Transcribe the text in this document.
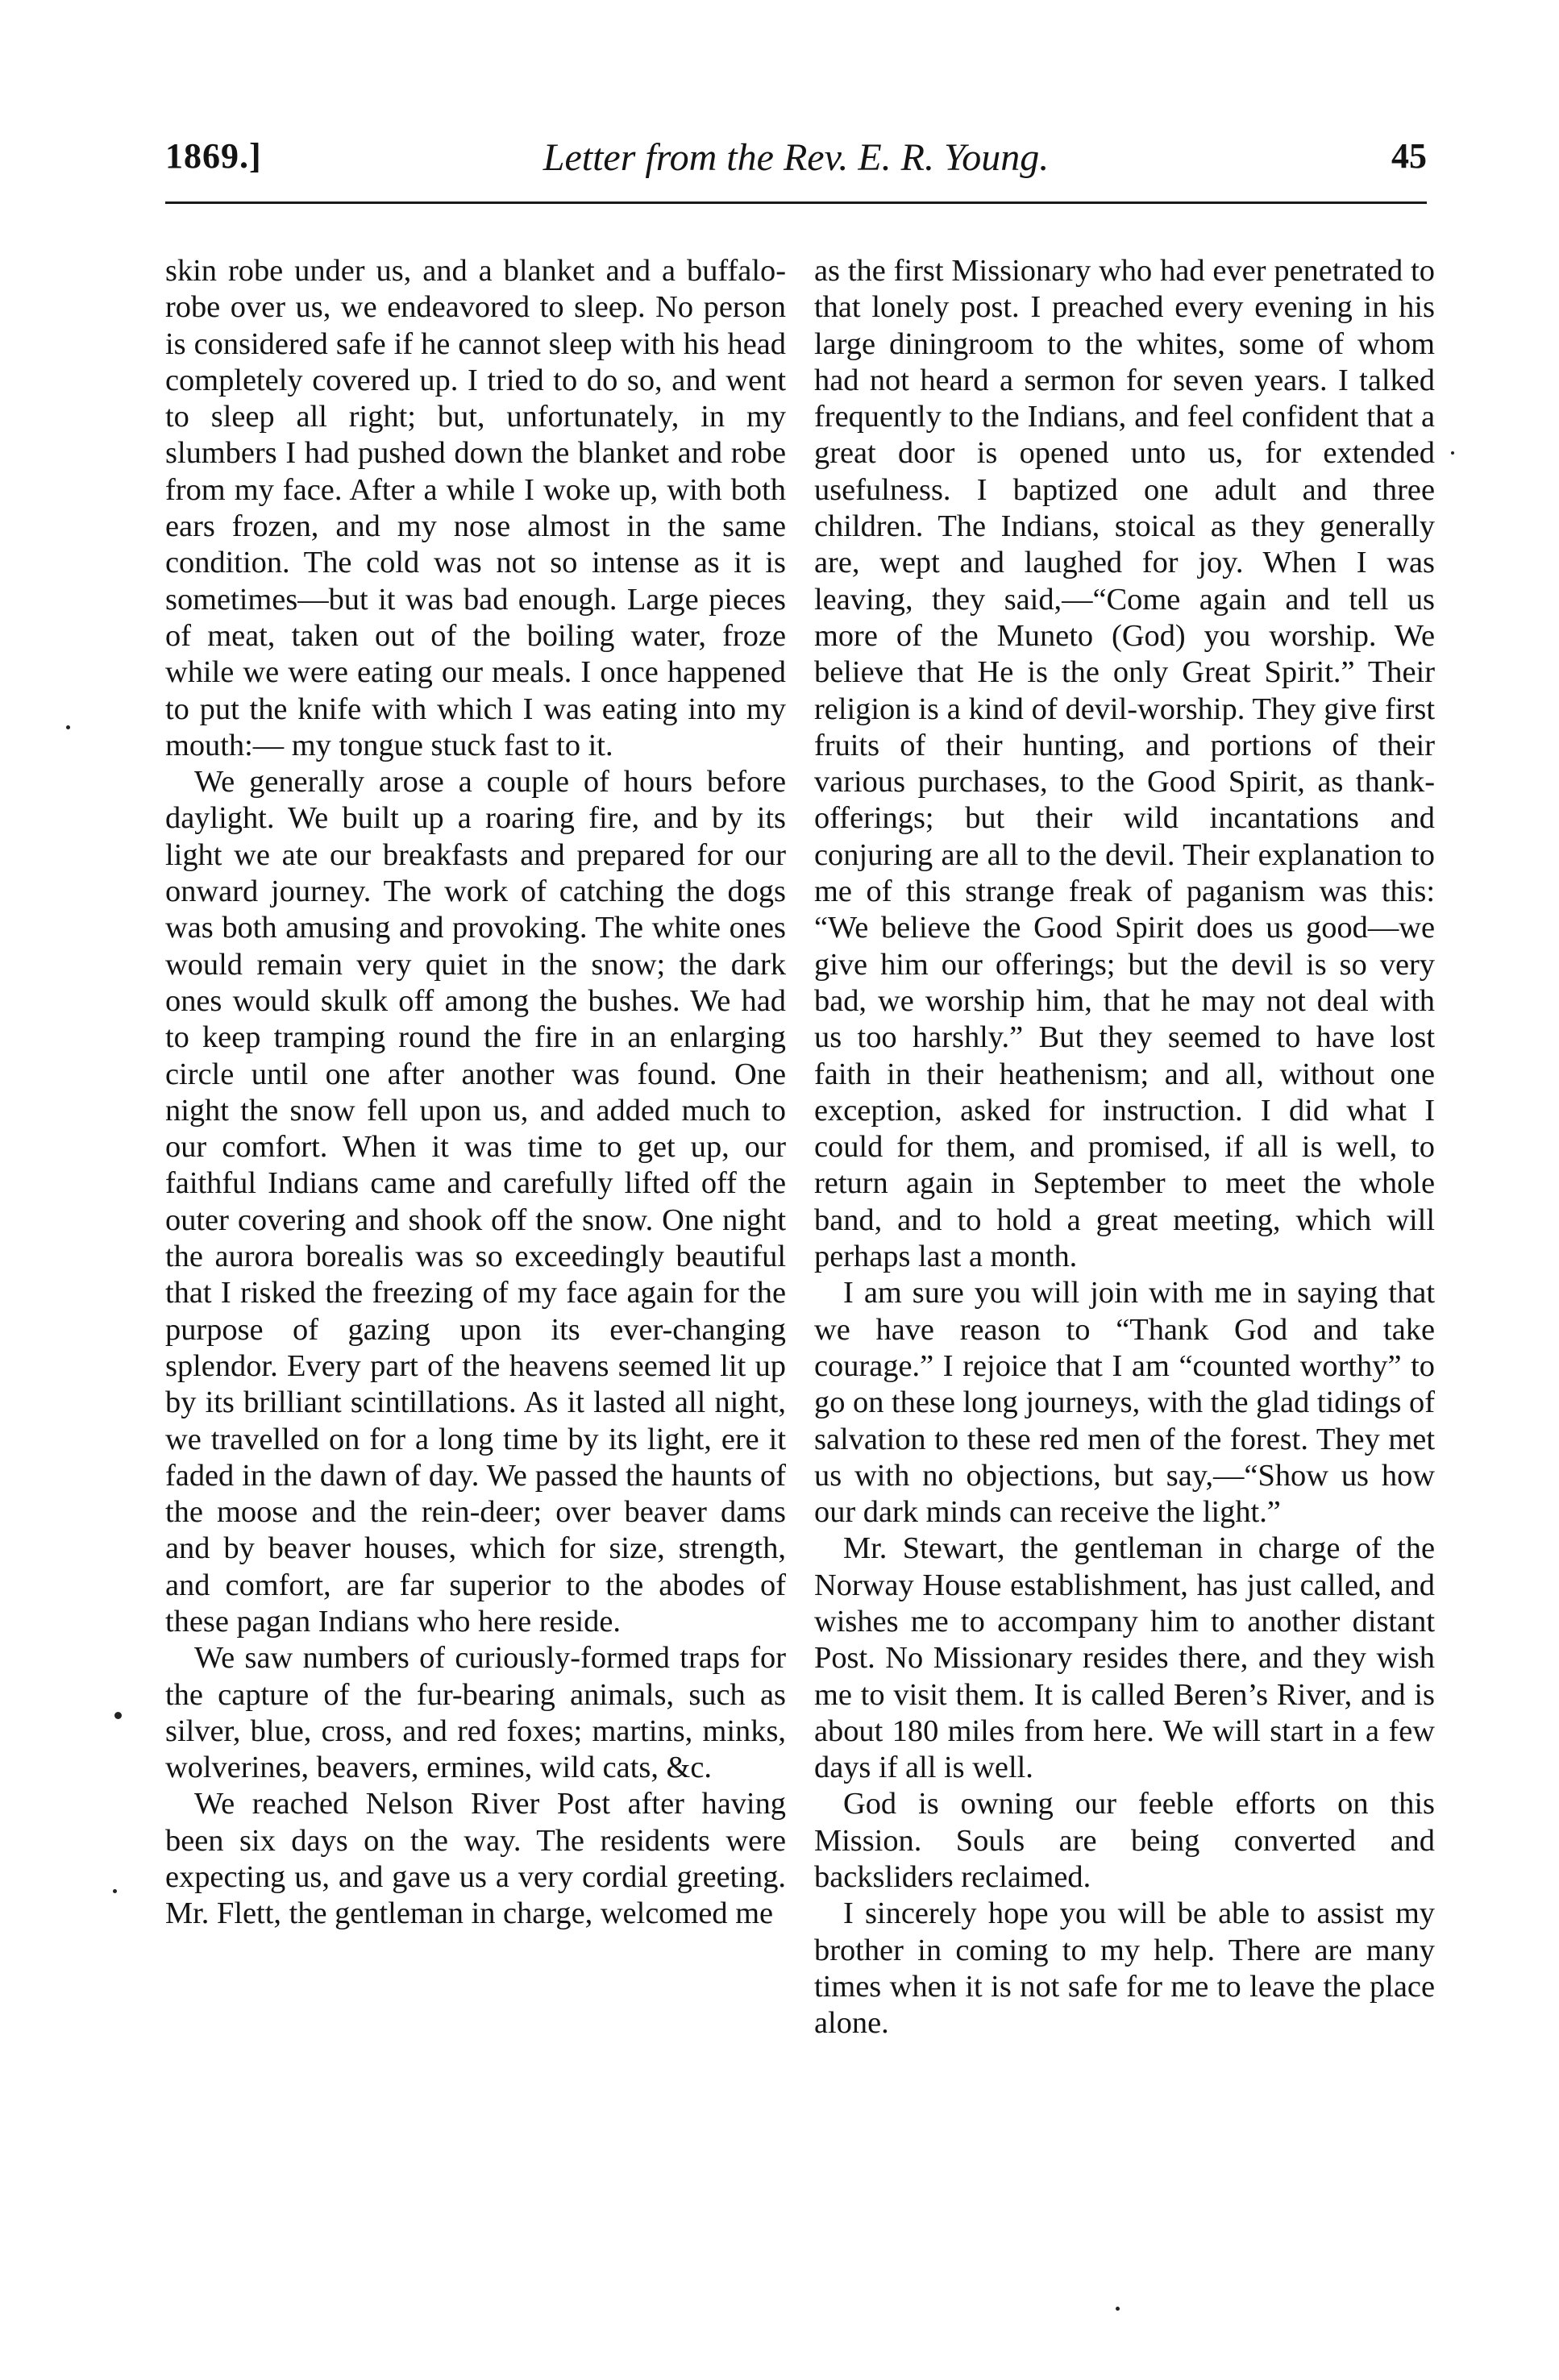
1869.]	Letter from the Rev. E. R. Young.	45

skin robe under us, and a blanket and a buffalo-robe over us, we endeavored to sleep. No person is considered safe if he cannot sleep with his head completely covered up. I tried to do so, and went to sleep all right; but, unfortunately, in my slumbers I had pushed down the blanket and robe from my face. After a while I woke up, with both ears frozen, and my nose almost in the same condition. The cold was not so intense as it is sometimes—but it was bad enough. Large pieces of meat, taken out of the boiling water, froze while we were eating our meals. I once happened to put the knife with which I was eating into my mouth:— my tongue stuck fast to it.

We generally arose a couple of hours before daylight. We built up a roaring fire, and by its light we ate our breakfasts and prepared for our onward journey. The work of catching the dogs was both amusing and provoking. The white ones would remain very quiet in the snow; the dark ones would skulk off among the bushes. We had to keep tramping round the fire in an enlarging circle until one after another was found. One night the snow fell upon us, and added much to our comfort. When it was time to get up, our faithful Indians came and carefully lifted off the outer covering and shook off the snow. One night the aurora borealis was so exceedingly beautiful that I risked the freezing of my face again for the purpose of gazing upon its ever-changing splendor. Every part of the heavens seemed lit up by its brilliant scintillations. As it lasted all night, we travelled on for a long time by its light, ere it faded in the dawn of day. We passed the haunts of the moose and the rein-deer; over beaver dams and by beaver houses, which for size, strength, and comfort, are far superior to the abodes of these pagan Indians who here reside.

We saw numbers of curiously-formed traps for the capture of the fur-bearing animals, such as silver, blue, cross, and red foxes; martins, minks, wolverines, beavers, ermines, wild cats, &c.

We reached Nelson River Post after having been six days on the way. The residents were expecting us, and gave us a very cordial greeting. Mr. Flett, the gentleman in charge, welcomed me

as the first Missionary who had ever penetrated to that lonely post. I preached every evening in his large diningroom to the whites, some of whom had not heard a sermon for seven years. I talked frequently to the Indians, and feel confident that a great door is opened unto us, for extended usefulness. I baptized one adult and three children. The Indians, stoical as they generally are, wept and laughed for joy. When I was leaving, they said,—“Come again and tell us more of the Muneto (God) you worship. We believe that He is the only Great Spirit.” Their religion is a kind of devil-worship. They give first fruits of their hunting, and portions of their various purchases, to the Good Spirit, as thank-offerings; but their wild incantations and conjuring are all to the devil. Their explanation to me of this strange freak of paganism was this: “We believe the Good Spirit does us good—we give him our offerings; but the devil is so very bad, we worship him, that he may not deal with us too harshly.” But they seemed to have lost faith in their heathenism; and all, without one exception, asked for instruction. I did what I could for them, and promised, if all is well, to return again in September to meet the whole band, and to hold a great meeting, which will perhaps last a month.

I am sure you will join with me in saying that we have reason to “Thank God and take courage.” I rejoice that I am “counted worthy” to go on these long journeys, with the glad tidings of salvation to these red men of the forest. They met us with no objections, but say,—“Show us how our dark minds can receive the light.”

Mr. Stewart, the gentleman in charge of the Norway House establishment, has just called, and wishes me to accompany him to another distant Post. No Missionary resides there, and they wish me to visit them. It is called Beren’s River, and is about 180 miles from here. We will start in a few days if all is well.

God is owning our feeble efforts on this Mission. Souls are being converted and backsliders reclaimed.

I sincerely hope you will be able to assist my brother in coming to my help. There are many times when it is not safe for me to leave the place alone.
